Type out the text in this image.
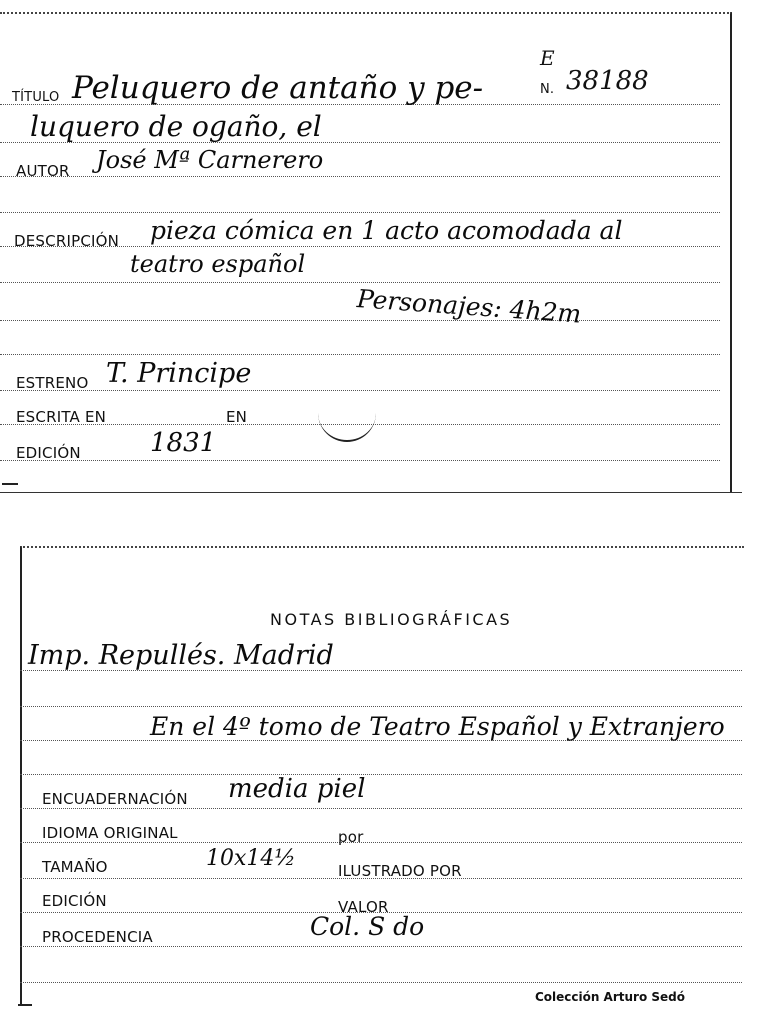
TÍTULO Peluquero de antaño y pe-
E
N. 38188
luquero de ogaño, el
AUTOR José Mª Carnerero
DESCRIPCIÓN pieza cómica en 1 acto acomodada al
teatro español
Personajes: 4h2m
ESTRENO T. Principe
ESCRITA EN	EN
EDICIÓN	1831
NOTAS BIBLIOGRÁFICAS
Imp. Repullés. Madrid
En el 4º tomo de Teatro Español y Extranjero
ENCUADERNACIÓN media piel
IDIOMA ORIGINAL	por
TAMAÑO	10x14½	ILUSTRADO POR
EDICIÓN	VALOR
PROCEDENCIA	Col. S do
Colección Arturo Sedó
